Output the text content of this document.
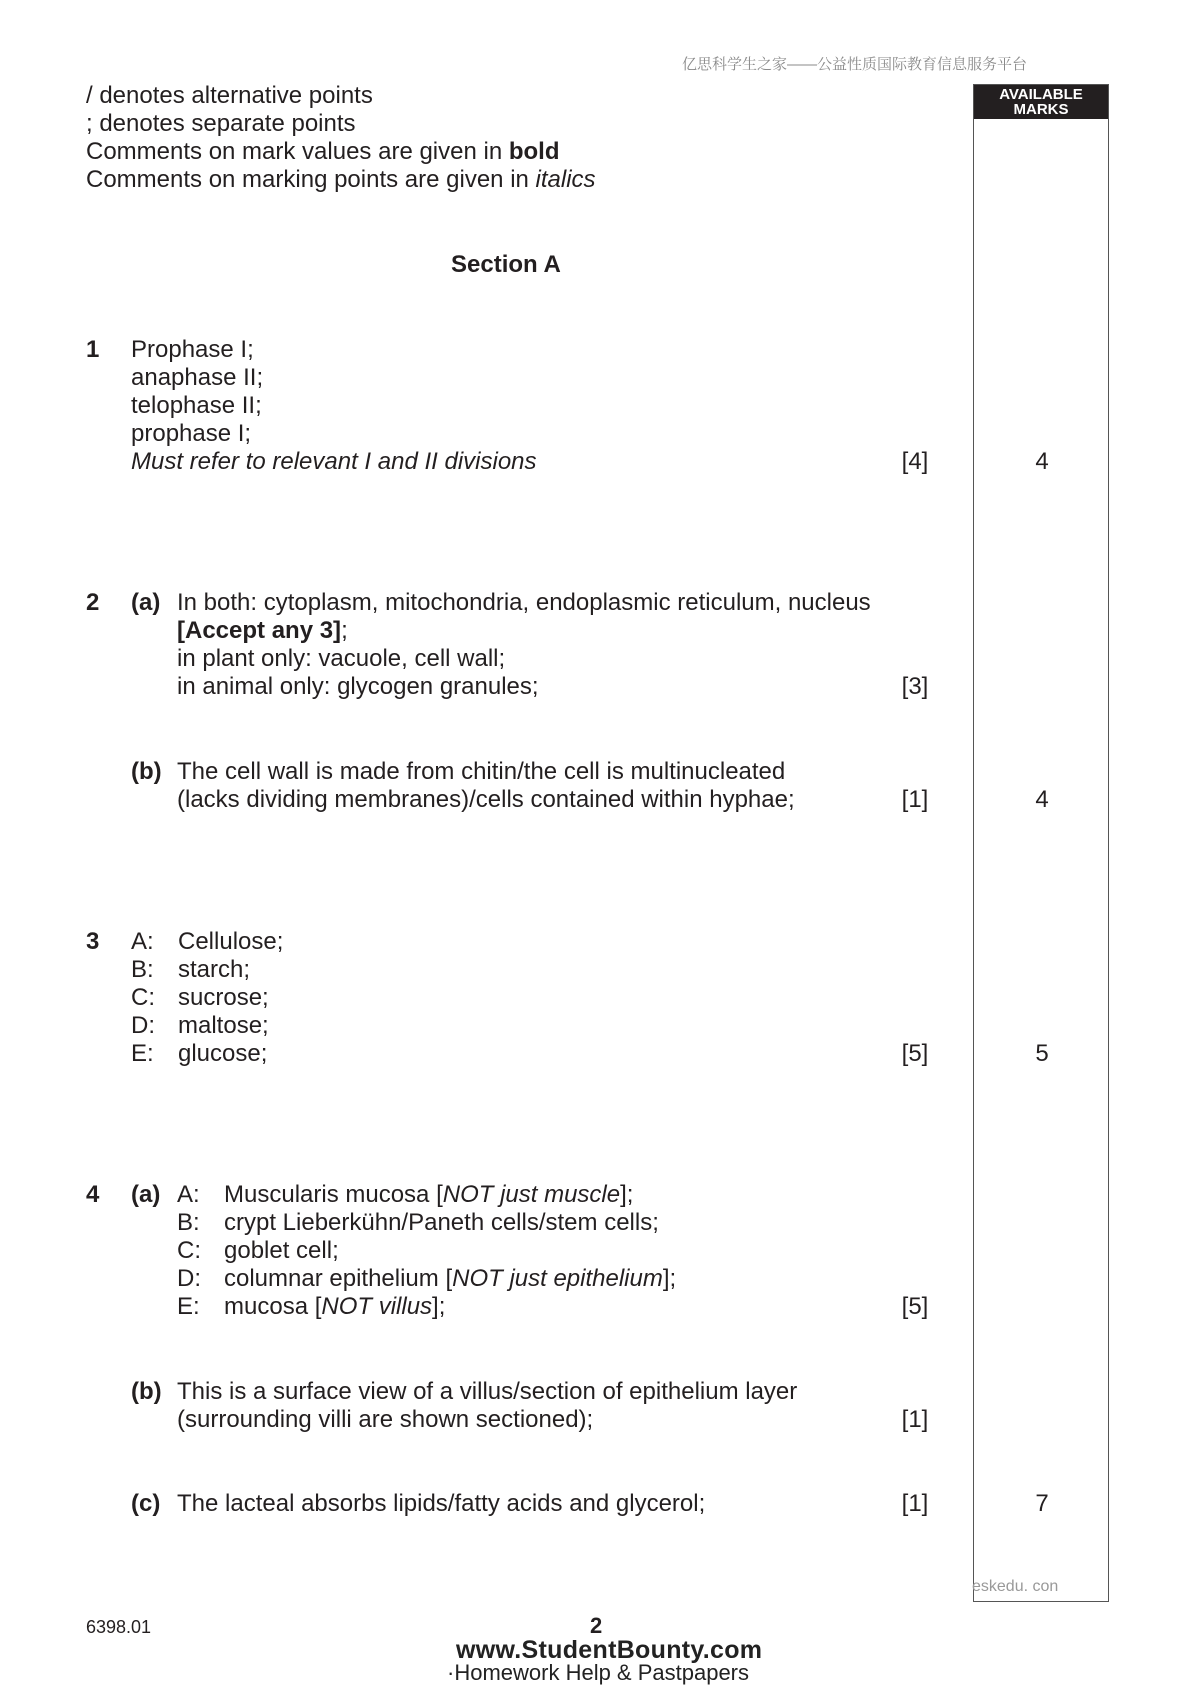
亿思科学生之家——公益性质国际教育信息服务平台
AVAILABLE MARKS
/ denotes alternative points
; denotes separate points
Comments on mark values are given in bold
Comments on marking points are given in italics
Section A
1 Prophase I;
anaphase II;
telophase II;
prophase I;
Must refer to relevant I and II divisions	[4]	4
2 (a) In both: cytoplasm, mitochondria, endoplasmic reticulum, nucleus
[Accept any 3];
in plant only: vacuole, cell wall;
in animal only: glycogen granules;	[3]
(b) The cell wall is made from chitin/the cell is multinucleated
(lacks dividing membranes)/cells contained within hyphae;	[1]	4
3 A: Cellulose;
B: starch;
C: sucrose;
D: maltose;
E: glucose;	[5]	5
4 (a) A: Muscularis mucosa [NOT just muscle];
B: crypt Lieberkühn/Paneth cells/stem cells;
C: goblet cell;
D: columnar epithelium [NOT just epithelium];
E: mucosa [NOT villus];	[5]
(b) This is a surface view of a villus/section of epithelium layer
(surrounding villi are shown sectioned);	[1]
(c) The lacteal absorbs lipids/fatty acids and glycerol;	[1]	7
eskedu. con
6398.01	2
www.StudentBounty.com
·Homework Help & Pastpapers
